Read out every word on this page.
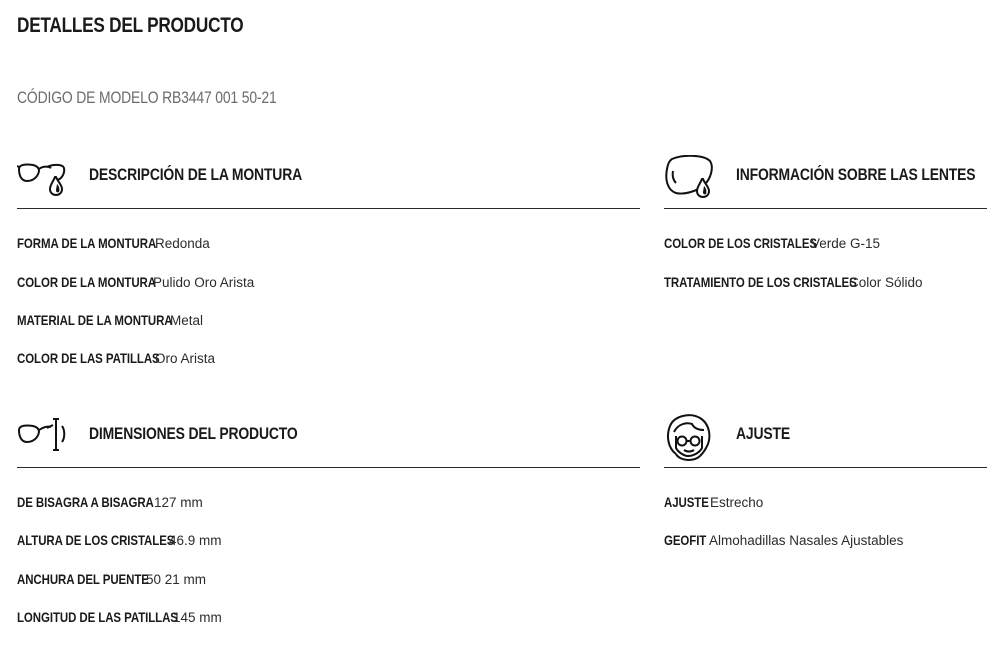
DETALLES DEL PRODUCTO
CÓDIGO DE MODELO RB3447 001 50-21
DESCRIPCIÓN DE LA MONTURA
FORMA DE LA MONTURA
Redonda
COLOR DE LA MONTURA
Pulido Oro Arista
MATERIAL DE LA MONTURA
Metal
COLOR DE LAS PATILLAS
Oro Arista
INFORMACIÓN SOBRE LAS LENTES
COLOR DE LOS CRISTALES
Verde G-15
TRATAMIENTO DE LOS CRISTALES
Color Sólido
DIMENSIONES DEL PRODUCTO
DE BISAGRA A BISAGRA 127 mm
ALTURA DE LOS CRISTALES
46.9 mm
ANCHURA DEL PUENTE
50 21 mm
LONGITUD DE LAS PATILLAS
145 mm
AJUSTE
AJUSTE Estrecho
GEOFIT Almohadillas Nasales Ajustables
